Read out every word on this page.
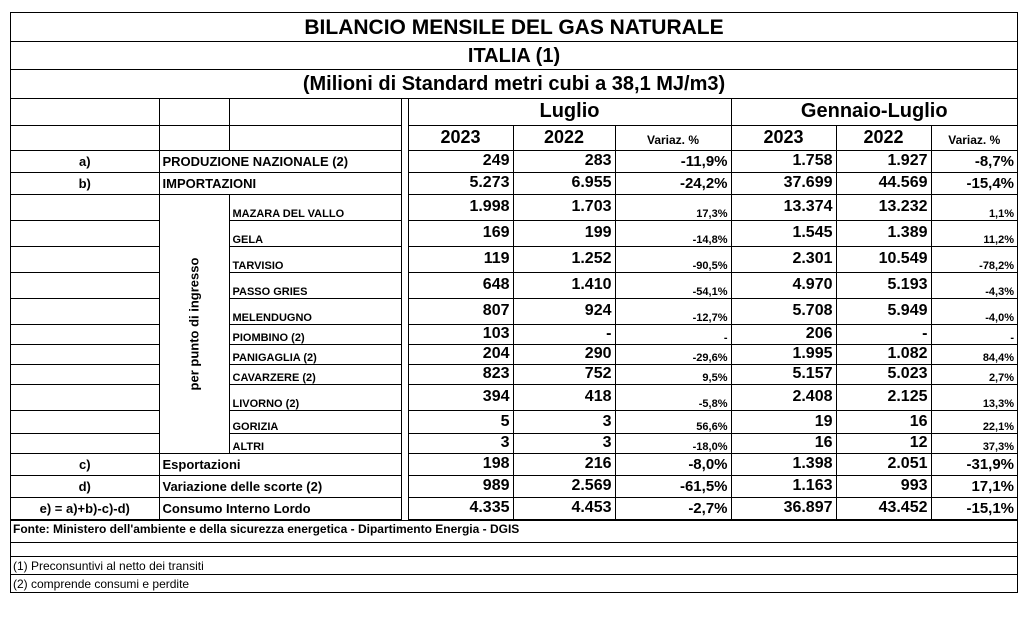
BILANCIO MENSILE DEL GAS NATURALE
ITALIA (1)
(Milioni di Standard metri cubi a 38,1 MJ/m3)
				Luglio			Gennaio-Luglio		
				2023	2022	Variaz. %	2023	2022	Variaz. %
a)	PRODUZIONE NAZIONALE (2)			249	283	-11,9%	1.758	1.927	-8,7%
b)	IMPORTAZIONI			5.273	6.955	-24,2%	37.699	44.569	-15,4%

	per punto di ingresso	MAZARA DEL VALLO		1.998	1.703	17,3%	13.374	13.232	1,1%
		GELA		169	199	-14,8%	1.545	1.389	11,2%
		TARVISIO		119	1.252	-90,5%	2.301	10.549	-78,2%
		PASSO GRIES		648	1.410	-54,1%	4.970	5.193	-4,3%
		MELENDUGNO		807	924	-12,7%	5.708	5.949	-4,0%
		PIOMBINO (2)		103	-	-	206	-	-
		PANIGAGLIA (2)		204	290	-29,6%	1.995	1.082	84,4%
		CAVARZERE (2)		823	752	9,5%	5.157	5.023	2,7%
		LIVORNO (2)		394	418	-5,8%	2.408	2.125	13,3%
		GORIZIA		5	3	56,6%	19	16	22,1%
		ALTRI		3	3	-18,0%	16	12	37,3%
c)	Esportazioni			198	216	-8,0%	1.398	2.051	-31,9%
d)	Variazione delle scorte (2)			989	2.569	-61,5%	1.163	993	17,1%
e) = a)+b)-c)-d)	Consumo Interno Lordo			4.335	4.453	-2,7%	36.897	43.452	-15,1%
Fonte: Ministero dell'ambiente e della sicurezza energetica - Dipartimento Energia - DGIS
(1) Preconsuntivi al netto dei transiti
(2) comprende consumi e perdite
